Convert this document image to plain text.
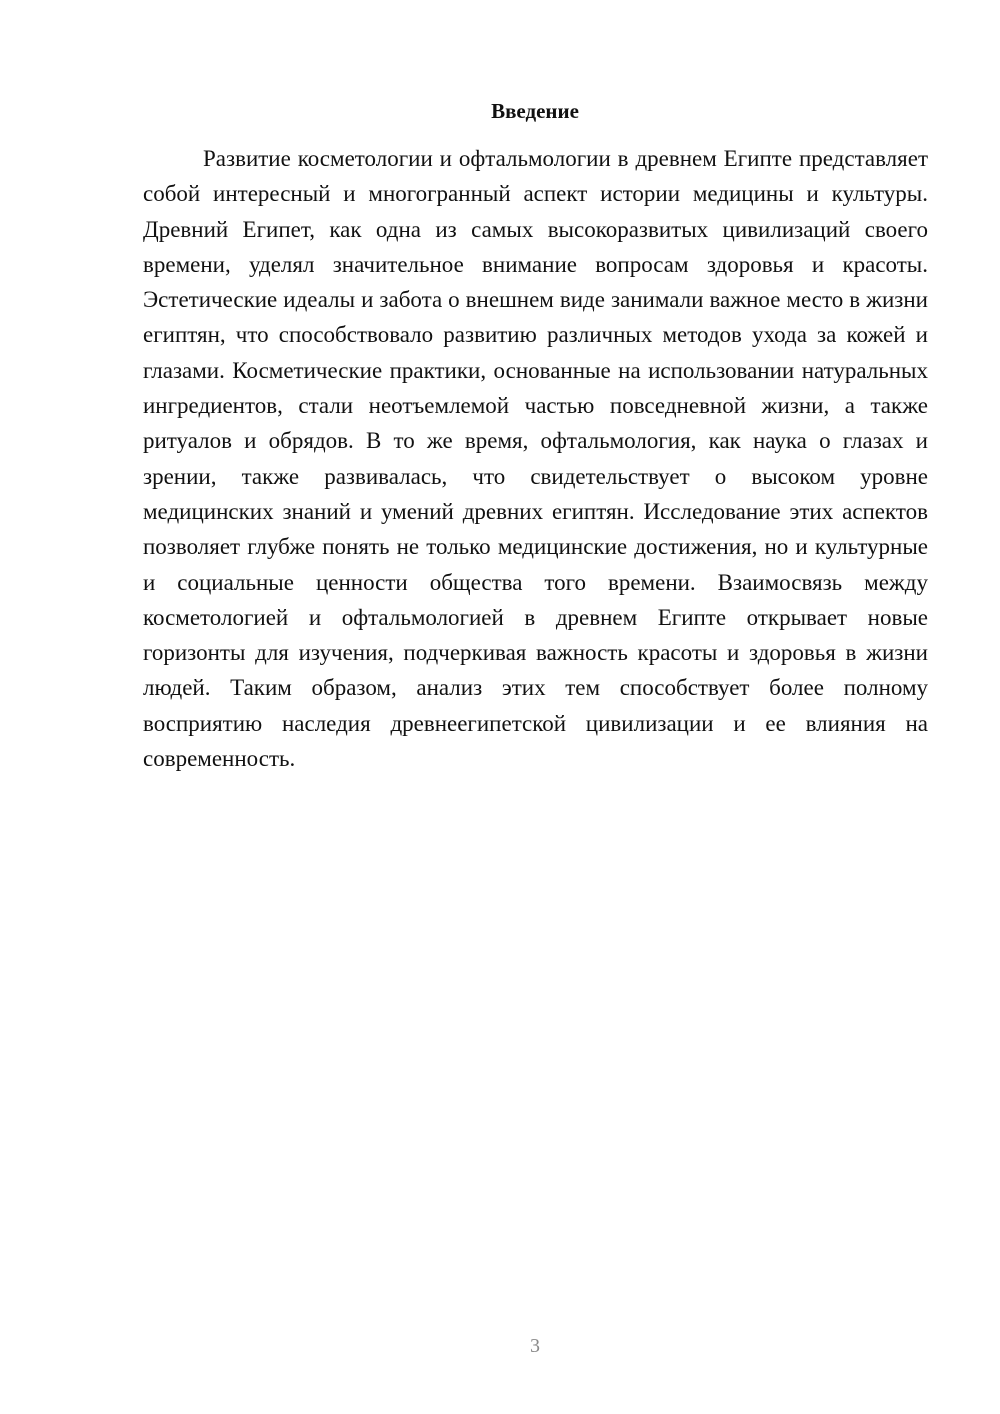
Введение

Развитие косметологии и офтальмологии в древнем Египте представляет собой интересный и многогранный аспект истории медицины и культуры. Древний Египет, как одна из самых высокоразвитых цивилизаций своего времени, уделял значительное внимание вопросам здоровья и красоты. Эстетические идеалы и забота о внешнем виде занимали важное место в жизни египтян, что способствовало развитию различных методов ухода за кожей и глазами. Косметические практики, основанные на использовании натуральных ингредиентов, стали неотъемлемой частью повседневной жизни, а также ритуалов и обрядов. В то же время, офтальмология, как наука о глазах и зрении, также развивалась, что свидетельствует о высоком уровне медицинских знаний и умений древних египтян. Исследование этих аспектов позволяет глубже понять не только медицинские достижения, но и культурные и социальные ценности общества того времени. Взаимосвязь между косметологией и офтальмологией в древнем Египте открывает новые горизонты для изучения, подчеркивая важность красоты и здоровья в жизни людей. Таким образом, анализ этих тем способствует более полному восприятию наследия древнеегипетской цивилизации и ее влияния на современность.

3
